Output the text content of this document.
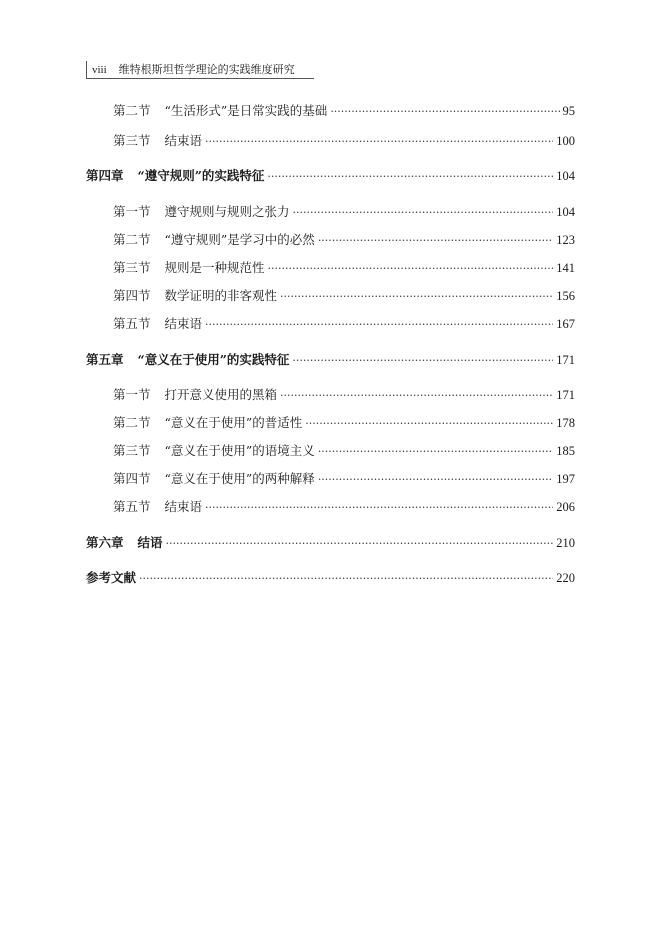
viii 维特根斯坦哲学理论的实践维度研究
第二节 “生活形式”是日常实践的基础 ·····	95
第三节 结束语 ·····	100
第四章 “遵守规则”的实践特征 ·····	104
第一节 遵守规则与规则之张力 ·····	104
第二节 “遵守规则”是学习中的必然 ·····	123
第三节 规则是一种规范性 ·····	141
第四节 数学证明的非客观性 ·····	156
第五节 结束语 ·····	167
第五章 “意义在于使用”的实践特征 ·····	171
第一节 打开意义使用的黑箱 ·····	171
第二节 “意义在于使用”的普适性 ·····	178
第三节 “意义在于使用”的语境主义 ·····	185
第四节 “意义在于使用”的两种解释 ·····	197
第五节 结束语 ·····	206
第六章 结语 ·····	210
参考文献 ·····	220
